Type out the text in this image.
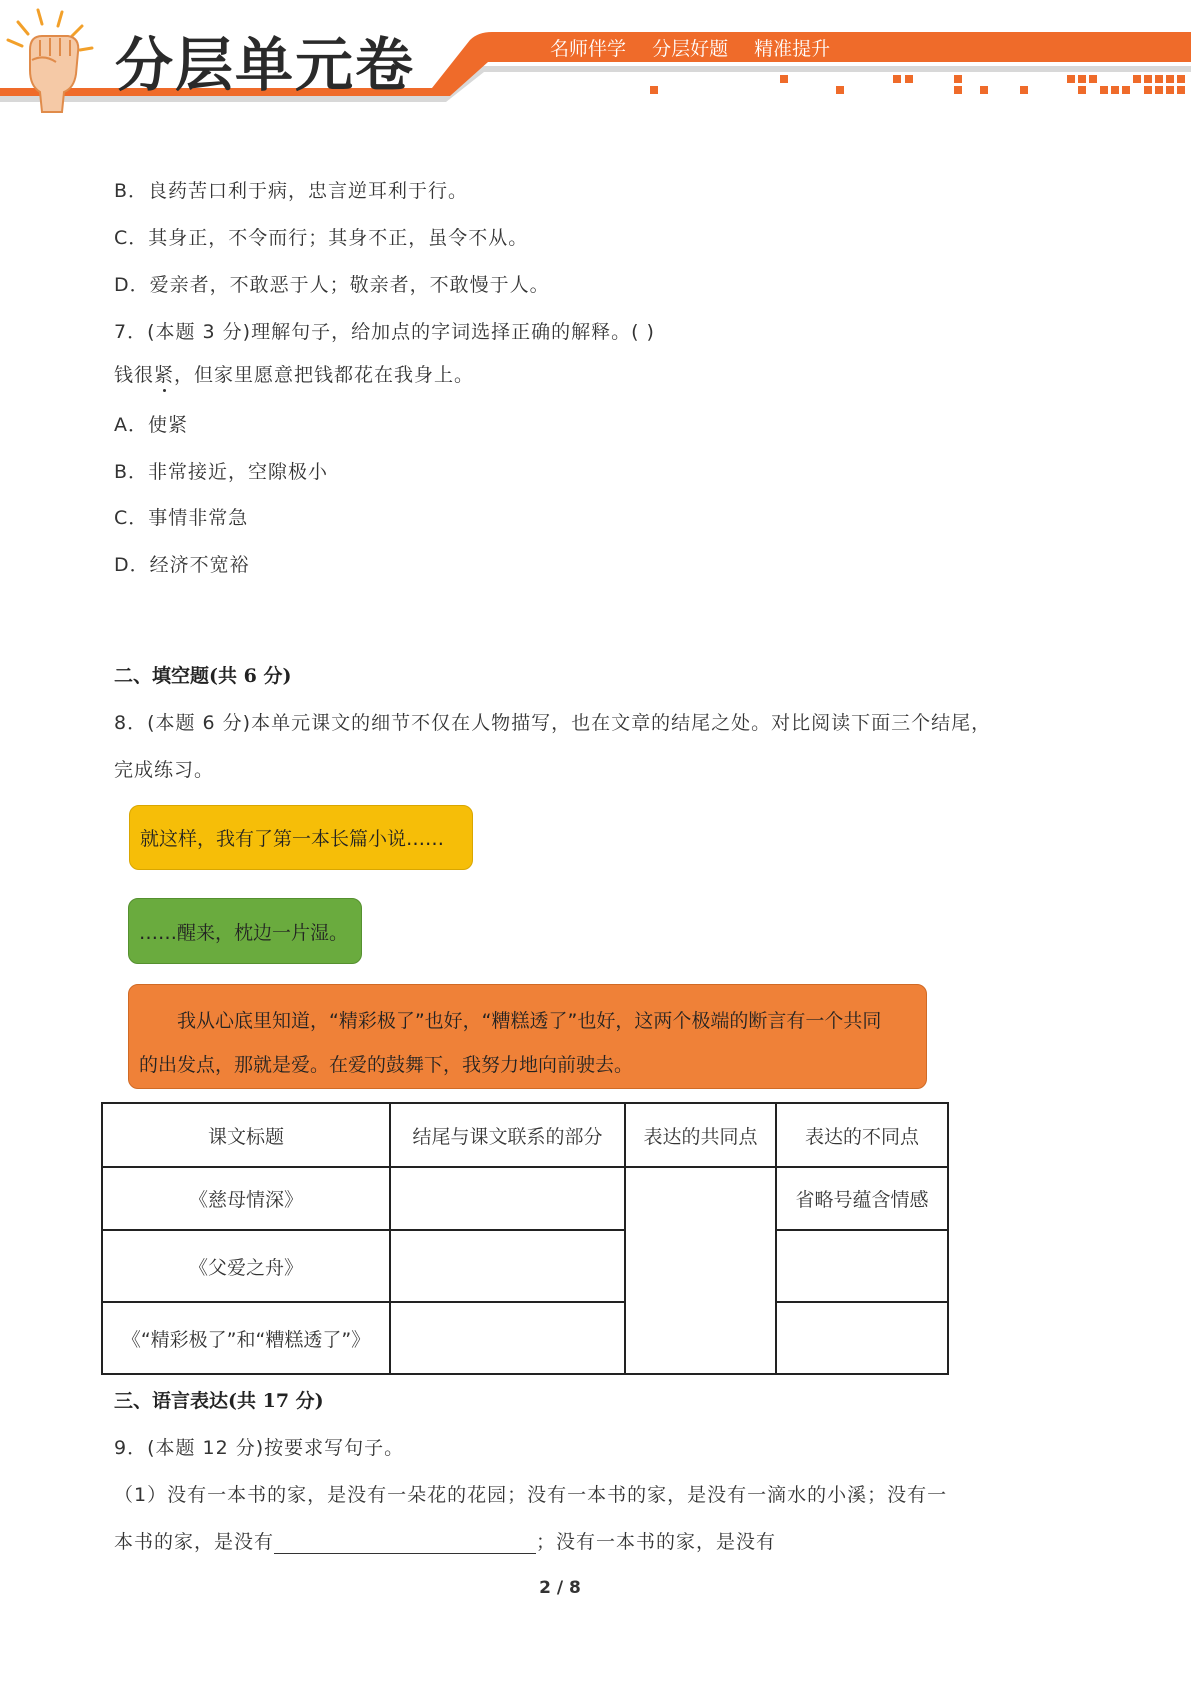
分层单元卷	名师伴学 分层好题 精准提升
B．良药苦口利于病，忠言逆耳利于行。
C．其身正，不令而行；其身不正，虽令不从。
D．爱亲者，不敢恶于人；敬亲者，不敢慢于人。
7．(本题 3 分)理解句子，给加点的字词选择正确的解释。( )
钱很紧，但家里愿意把钱都花在我身上。
A．使紧
B．非常接近，空隙极小
C．事情非常急
D．经济不宽裕
二、填空题(共 6 分)
8．(本题 6 分)本单元课文的细节不仅在人物描写，也在文章的结尾之处。对比阅读下面三个结尾，
完成练习。
就这样，我有了第一本长篇小说……
……醒来，枕边一片湿。
我从心底里知道，“精彩极了”也好，“糟糕透了”也好，这两个极端的断言有一个共同
的出发点，那就是爱。在爱的鼓舞下，我努力地向前驶去。
课文标题	结尾与课文联系的部分	表达的共同点	表达的不同点
《慈母情深》			省略号蕴含情感
《父爱之舟》			
《“精彩极了”和“糟糕透了”》			
三、语言表达(共 17 分)
9．(本题 12 分)按要求写句子。
（1）没有一本书的家，是没有一朵花的花园；没有一本书的家，是没有一滴水的小溪；没有一
本书的家，是没有	；没有一本书的家，是没有
2 / 8
